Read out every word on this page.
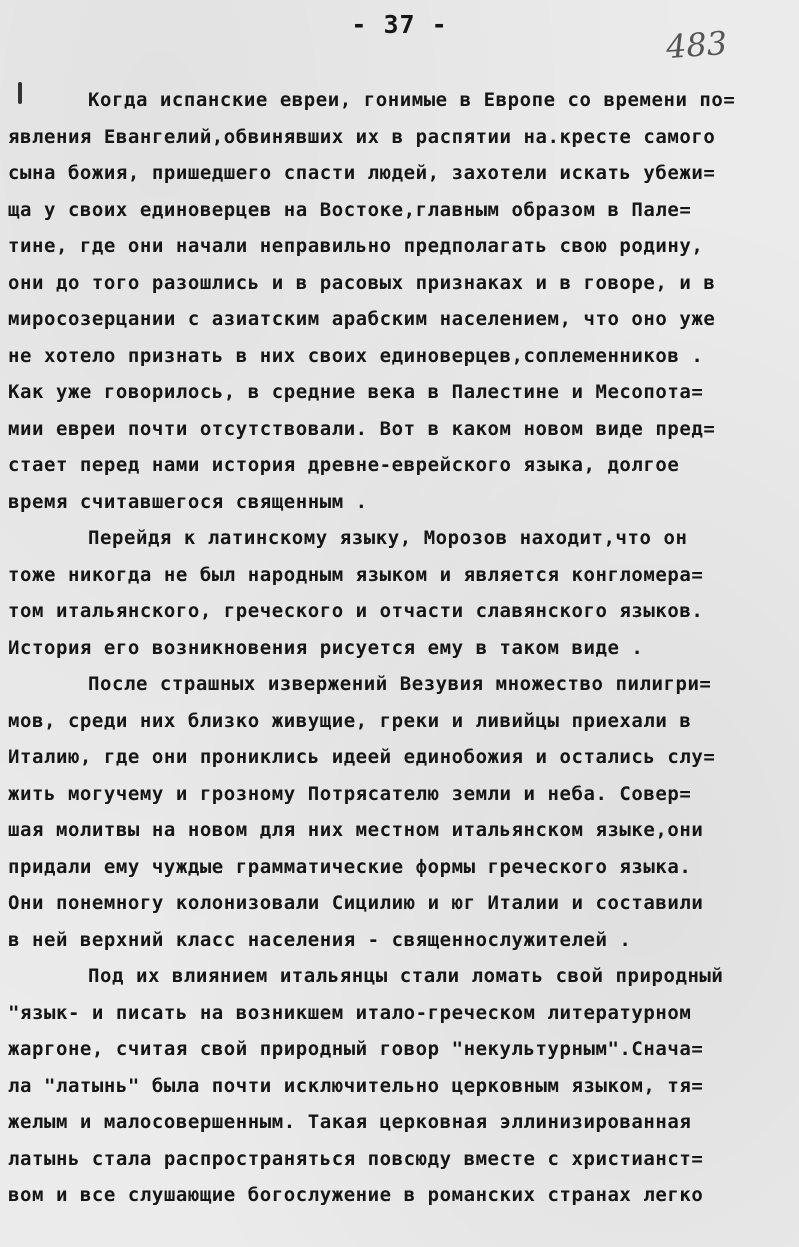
- 37 -	483
Когда испанские евреи, гонимые в Европе со времени по=
явления Евангелий,обвинявших их в распятии на.кресте самого
сына божия, пришедшего спасти людей, захотели искать убежи=
ща у своих единоверцев на Востоке,главным образом в Пале=
тине, где они начали неправильно предполагать свою родину,
они до того разошлись и в расовых признаках и в говоре, и в
миросозерцании с азиатским арабским населением, что оно уже
не хотело признать в них своих единоверцев,соплеменников .
Как уже говорилось, в средние века в Палестине и Месопота=
мии евреи почти отсутствовали. Вот в каком новом виде пред=
стает перед нами история древне-еврейского языка, долгое
время считавшегося священным .
Перейдя к латинскому языку, Морозов находит,что он
тоже никогда не был народным языком и является конгломера=
том итальянского, греческого и отчасти славянского языков.
История его возникновения рисуется ему в таком виде .
После страшных извержений Везувия множество пилигри=
мов, среди них близко живущие, греки и ливийцы приехали в
Италию, где они прониклись идеей единобожия и остались слу=
жить могучему и грозному Потрясателю земли и неба. Совер=
шая молитвы на новом для них местном итальянском языке,они
придали ему чуждые грамматические формы греческого языка.
Они понемногу колонизовали Сицилию и юг Италии и составили
в ней верхний класс населения - священнослужителей .
Под их влиянием итальянцы стали ломать свой природный
"язык- и писать на возникшем итало-греческом литературном
жаргоне, считая свой природный говор "некультурным".Снача=
ла "латынь" была почти исключительно церковным языком, тя=
желым и малосовершенным. Такая церковная эллинизированная
латынь стала распространяться повсюду вместе с христианст=
вом и все слушающие богослужение в романских странах легко
